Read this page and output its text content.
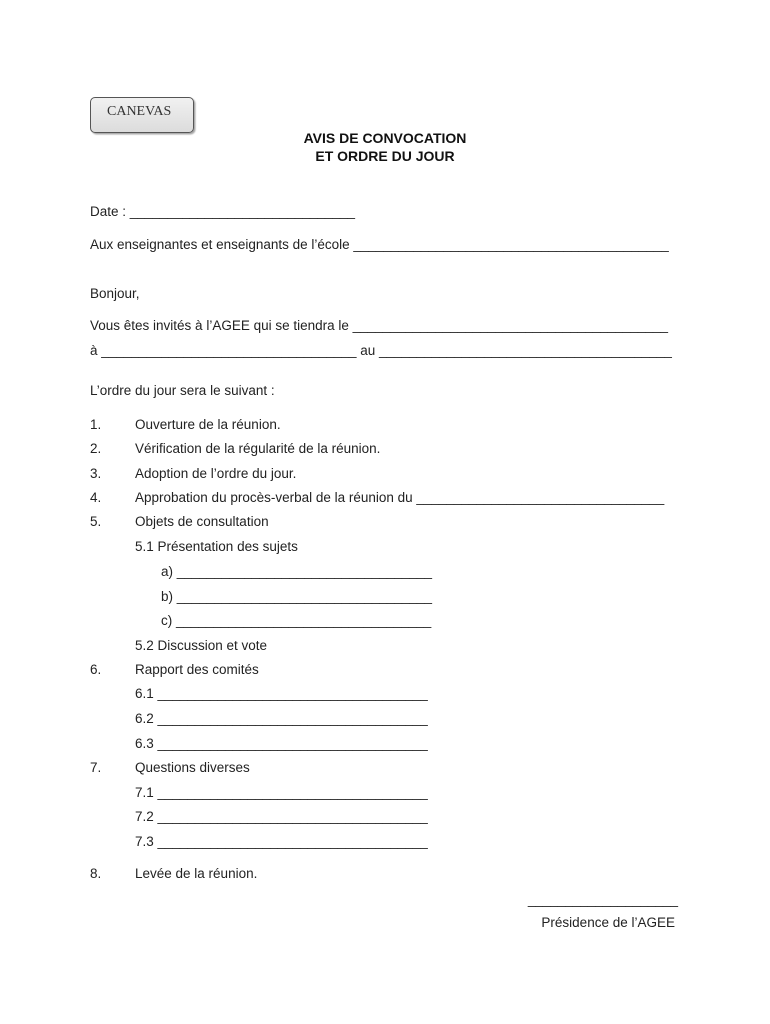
CANEVAS
AVIS DE CONVOCATION
ET ORDRE DU JOUR
Date : ______________________________
Aux enseignantes et enseignants de l’école __________________________________________
Bonjour,
Vous êtes invités à l’AGEE qui se tiendra le __________________________________________
à __________________________________ au _______________________________________
L’ordre du jour sera le suivant :
1. Ouverture de la réunion.
2. Vérification de la régularité de la réunion.
3. Adoption de l’ordre du jour.
4. Approbation du procès-verbal de la réunion du _________________________________
5. Objets de consultation
5.1 Présentation des sujets
a) __________________________________
b) __________________________________
c) __________________________________
5.2 Discussion et vote
6. Rapport des comités
6.1 ____________________________________
6.2 ____________________________________
6.3 ____________________________________
7. Questions diverses
7.1 ____________________________________
7.2 ____________________________________
7.3 ____________________________________
8. Levée de la réunion.
____________________
Présidence de l’AGEE
